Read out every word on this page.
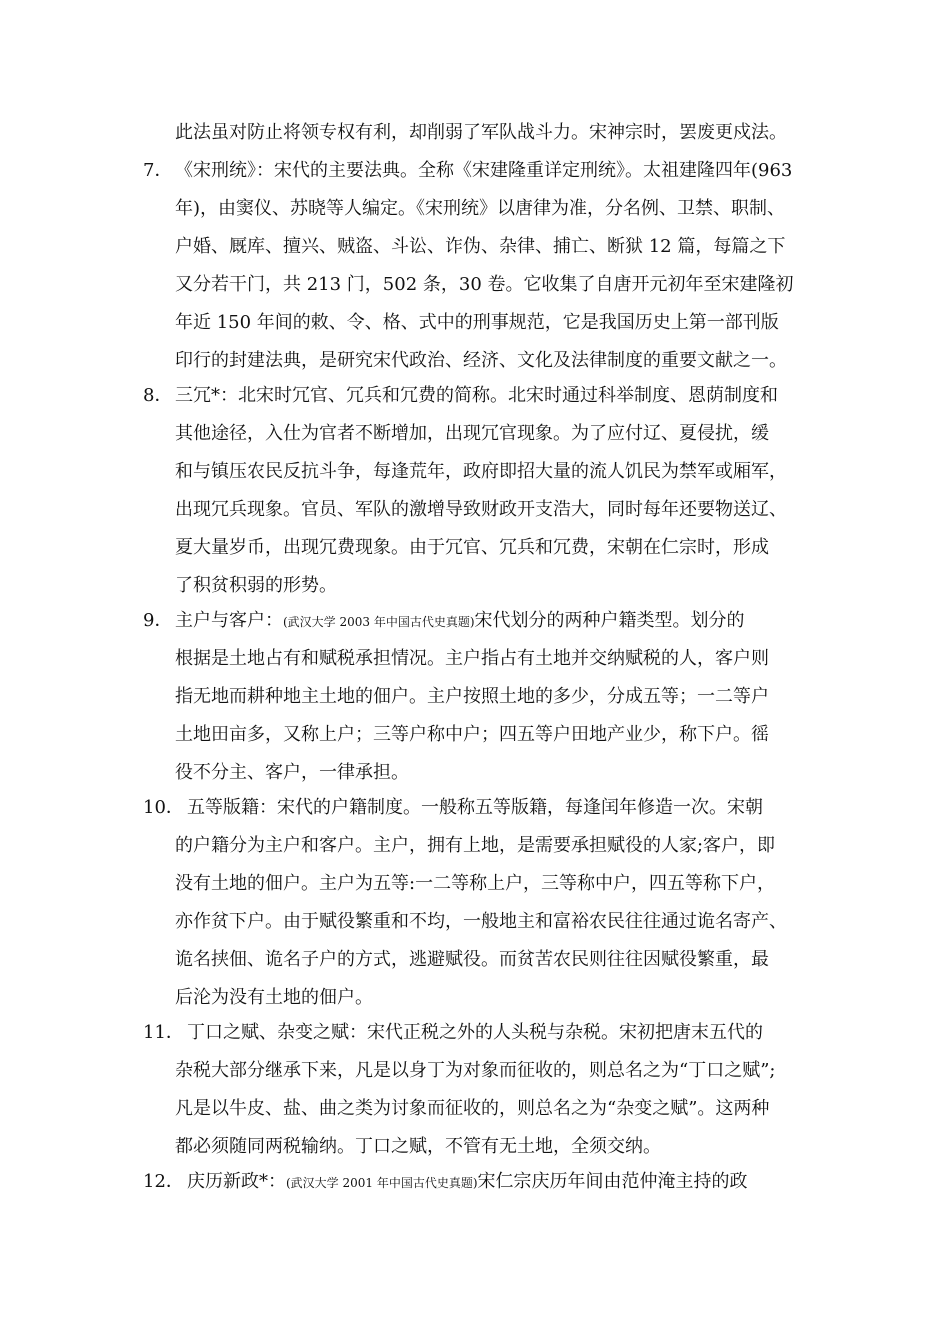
此法虽对防止将领专权有利，却削弱了军队战斗力。宋神宗时，罢废更戍法。
7． 《宋刑统》：宋代的主要法典。全称《宋建隆重详定刑统》。太祖建隆四年(963
年)，由窦仪、苏晓等人编定。《宋刑统》以唐律为准，分名例、卫禁、职制、
户婚、厩库、擅兴、贼盗、斗讼、诈伪、杂律、捕亡、断狱 12 篇，每篇之下
又分若干门，共 213 门，502 条，30 卷。它收集了自唐开元初年至宋建隆初
年近 150 年间的敕、令、格、式中的刑事规范，它是我国历史上第一部刊版
印行的封建法典，是研究宋代政治、经济、文化及法律制度的重要文献之一。
8． 三冗*：北宋时冗官、冗兵和冗费的简称。北宋时通过科举制度、恩荫制度和
其他途径，入仕为官者不断增加，出现冗官现象。为了应付辽、夏侵扰，缓
和与镇压农民反抗斗争，每逢荒年，政府即招大量的流人饥民为禁军或厢军，
出现冗兵现象。官员、军队的激增导致财政开支浩大，同时每年还要物送辽、
夏大量岁币，出现冗费现象。由于冗官、冗兵和冗费，宋朝在仁宗时，形成
了积贫积弱的形势。
9． 主户与客户：(武汉大学 2003 年中国古代史真题)宋代划分的两种户籍类型。划分的
根据是土地占有和赋税承担情况。主户指占有土地并交纳赋税的人，客户则
指无地而耕种地主土地的佃户。主户按照土地的多少，分成五等；一二等户
土地田亩多，又称上户；三等户称中户；四五等户田地产业少，称下户。徭
役不分主、客户，一律承担。
10． 五等版籍：宋代的户籍制度。一般称五等版籍，每逢闰年修造一次。宋朝
的户籍分为主户和客户。主户，拥有上地，是需要承担赋役的人家;客户，即
没有土地的佃户。主户为五等:一二等称上户，三等称中户，四五等称下户，
亦作贫下户。由于赋役繁重和不均，一般地主和富裕农民往往通过诡名寄产、
诡名挟佃、诡名子户的方式，逃避赋役。而贫苦农民则往往因赋役繁重，最
后沦为没有土地的佃户。
11． 丁口之赋、杂变之赋：宋代正税之外的人头税与杂税。宋初把唐末五代的
杂税大部分继承下来，凡是以身丁为对象而征收的，则总名之为“丁口之赋”;
凡是以牛皮、盐、曲之类为讨象而征收的，则总名之为“杂变之赋”。这两种
都必须随同两税输纳。丁口之赋，不管有无土地，全须交纳。
12． 庆历新政*：(武汉大学 2001 年中国古代史真题)宋仁宗庆历年间由范仲淹主持的政
